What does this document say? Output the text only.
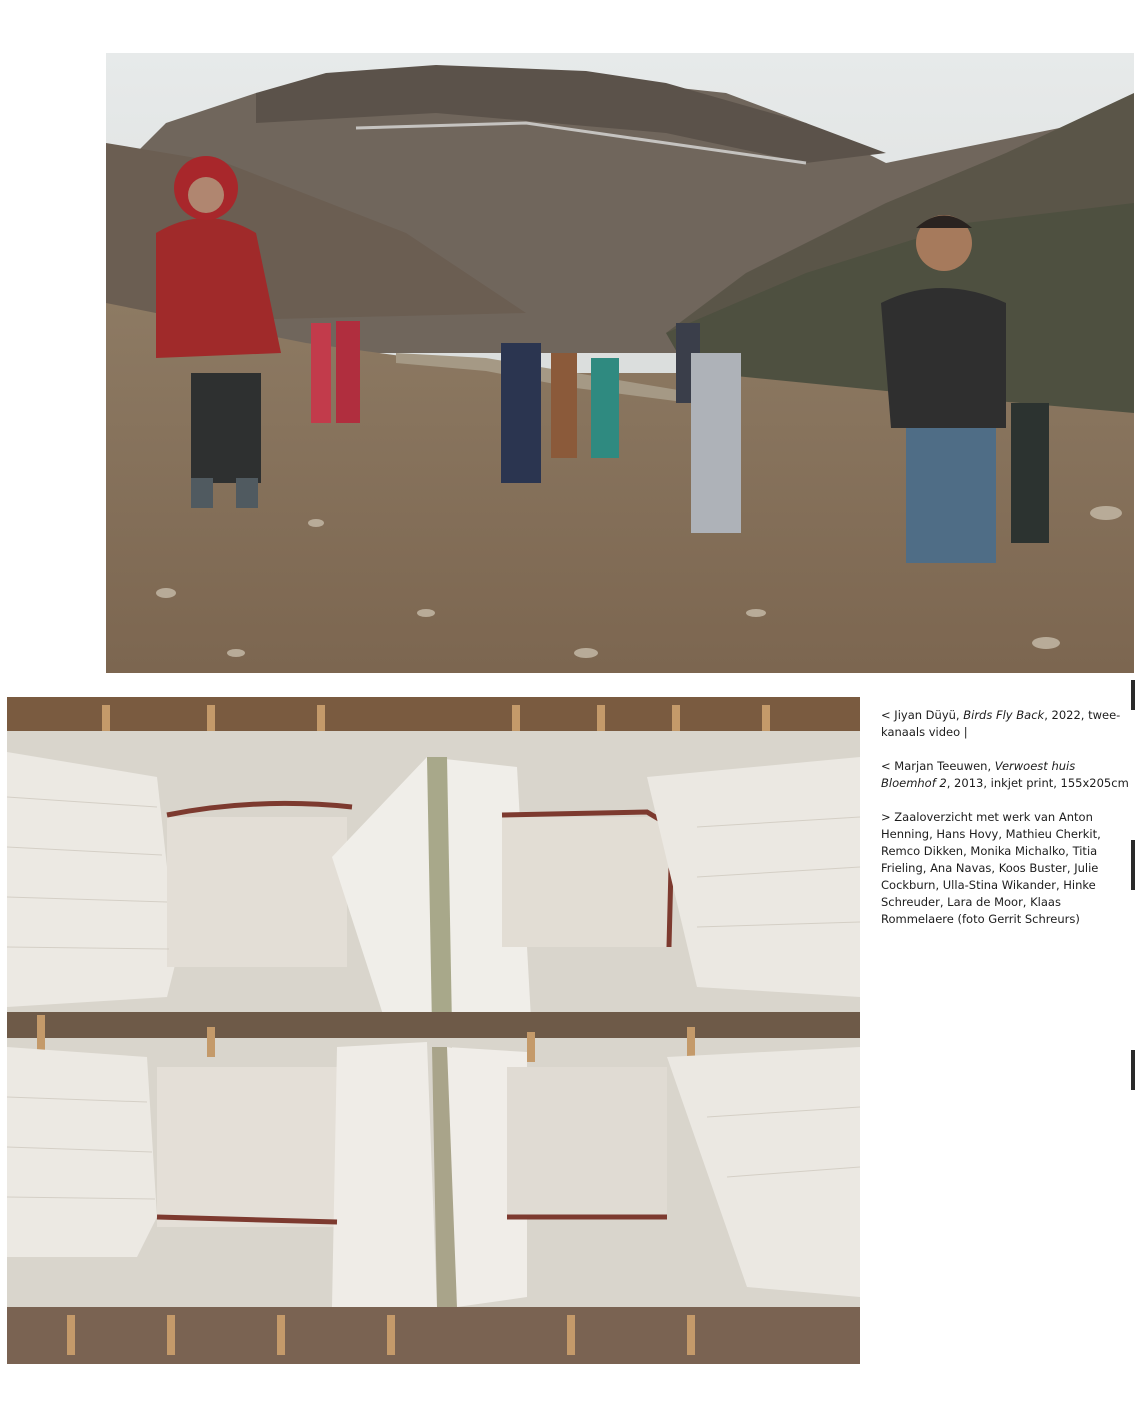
< Jiyan Düyü, Birds Fly Back, 2022, twee-kanaals video |

< Marjan Teeuwen, Verwoest huis Bloemhof 2, 2013, inkjet print, 155x205cm

> Zaaloverzicht met werk van Anton Henning, Hans Hovy, Mathieu Cherkit, Remco Dikken, Monika Michalko, Titia Frieling, Ana Navas, Koos Buster, Julie Cockburn, Ulla-Stina Wikander, Hinke Schreuder, Lara de Moor, Klaas Rommelaere (foto Gerrit Schreurs)
